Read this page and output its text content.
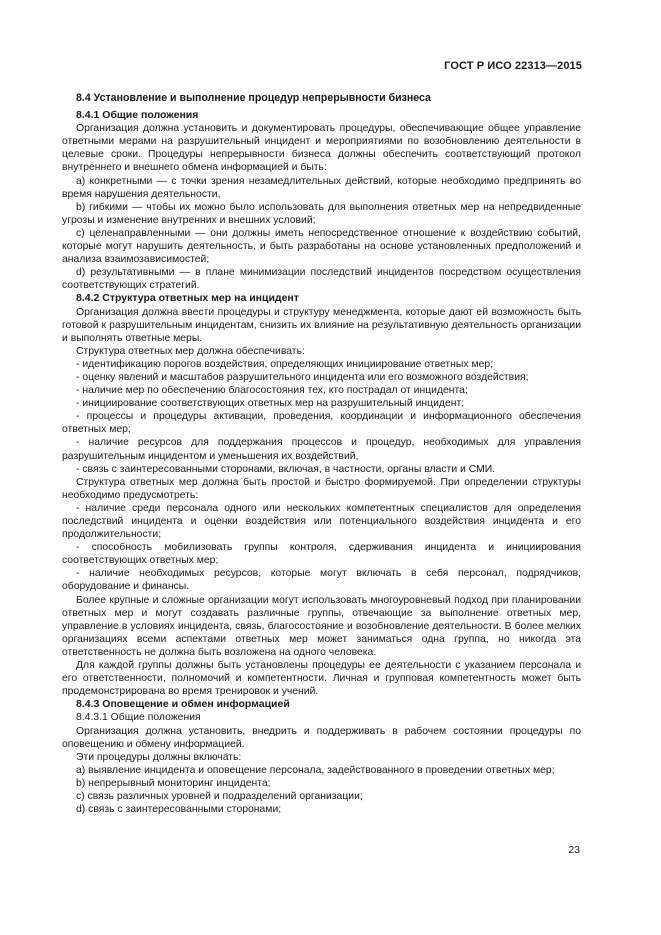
ГОСТ Р ИСО 22313—2015

8.4 Установление и выполнение процедур непрерывности бизнеса

8.4.1 Общие положения

Организация должна установить и документировать процедуры, обеспечивающие общее управление ответными мерами на разрушительный инцидент и мероприятиями по возобновлению деятельности в целевые сроки. Процедуры непрерывности бизнеса должны обеспечить соответствующий протокол внутреннего и внешнего обмена информацией и быть:

a) конкретными — с точки зрения незамедлительных действий, которые необходимо предпринять во время нарушения деятельности,

b) гибкими — чтобы их можно было использовать для выполнения ответных мер на непредвиденные угрозы и изменение внутренних и внешних условий;

c) целенаправленными — они должны иметь непосредственное отношение к воздействию событий, которые могут нарушить деятельность, и быть разработаны на основе установленных предположений и анализа взаимозависимостей;

d) результативными — в плане минимизации последствий инцидентов посредством осуществления соответствующих стратегий.

8.4.2 Структура ответных мер на инцидент

Организация должна ввести процедуры и структуру менеджмента, которые дают ей возможность быть готовой к разрушительным инцидентам, снизить их влияние на результативную деятельность организации и выполнять ответные меры.

Структура ответных мер должна обеспечивать:

- идентификацию порогов воздействия, определяющих инициирование ответных мер;

- оценку явлений и масштабов разрушительного инцидента или его возможного воздействия;

- наличие мер по обеспечению благосостояния тех, кто пострадал от инцидента;

- инициирование соответствующих ответных мер на разрушительный инцидент;

- процессы и процедуры активации, проведения, координации и информационного обеспечения ответных мер;

- наличие ресурсов для поддержания процессов и процедур, необходимых для управления разрушительным инцидентом и уменьшения их воздействий,

- связь с заинтересованными сторонами, включая, в частности, органы власти и СМИ.

Структура ответных мер должна быть простой и быстро формируемой. При определении структуры необходимо предусмотреть:

- наличие среди персонала одного или нескольких компетентных специалистов для определения последствий инцидента и оценки воздействия или потенциального воздействия инцидента и его продолжительности;

- способность мобилизовать группы контроля, сдерживания инцидента и инициирования соответствующих ответных мер;

- наличие необходимых ресурсов, которые могут включать в себя персонал, подрядчиков, оборудование и финансы.

Более крупные и сложные организации могут использовать многоуровневый подход при планировании ответных мер и могут создавать различные группы, отвечающие за выполнение ответных мер, управление в условиях инцидента, связь, благосостояние и возобновление деятельности. В более мелких организациях всеми аспектами ответных мер может заниматься одна группа, но никогда эта ответственность не должна быть возложена на одного человека.

Для каждой группы должны быть установлены процедуры ее деятельности с указанием персонала и его ответственности, полномочий и компетентности. Личная и групповая компетентность может быть продемонстрирована во время тренировок и учений.

8.4.3 Оповещение и обмен информацией

8.4.3.1 Общие положения

Организация должна установить, внедрить и поддерживать в рабочем состоянии процедуры по оповещению и обмену информацией.

Эти процедуры должны включать:

a) выявление инцидента и оповещение персонала, задействованного в проведении ответных мер;

b) непрерывный мониторинг инцидента;

c) связь различных уровней и подразделений организации;

d) связь с заинтересованными сторонами;

23
